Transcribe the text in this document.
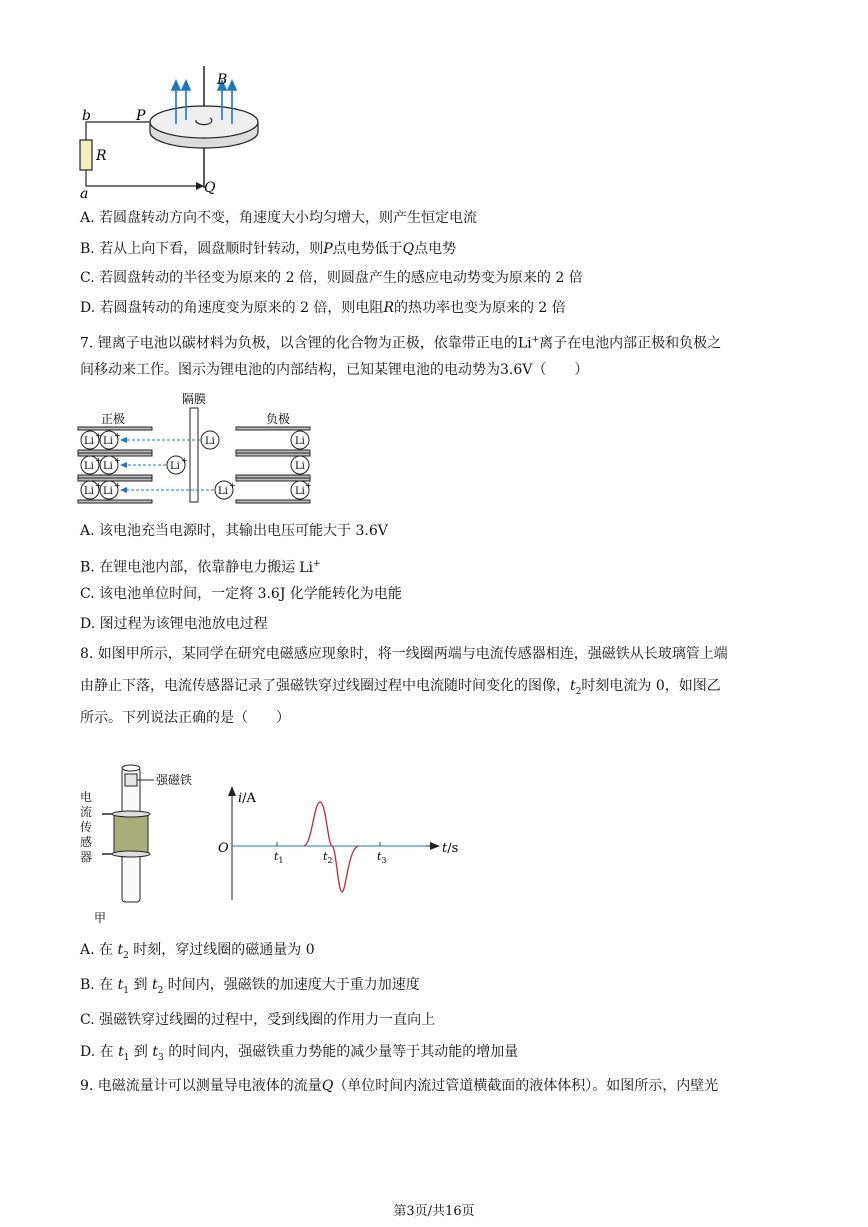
B
P
b
R
a	Q
A. 若圆盘转动方向不变，角速度大小均匀增大，则产生恒定电流
B. 若从上向下看，圆盘顺时针转动，则P点电势低于Q点电势
C. 若圆盘转动的半径变为原来的 2 倍，则圆盘产生的感应电动势变为原来的 2 倍
D. 若圆盘转动的角速度变为原来的 2 倍，则电阻R的热功率也变为原来的 2 倍
7. 锂离子电池以碳材料为负极，以含锂的化合物为正极，依靠带正电的Li+离子在电池内部正极和负极之
间移动来工作。图示为锂电池的内部结构，已知某锂电池的电动势为3.6V（　　）
正极
隔膜
负极
Li Li
Li Li
Li Li
Li
Li
Li
Li
Li
Li
+ +
+ +
+ +
+
+	+
A. 该电池充当电源时，其输出电压可能大于 3.6V
B. 在锂电池内部，依靠静电力搬运 Li+
C. 该电池单位时间，一定将 3.6J 化学能转化为电能
D. 图过程为该锂电池放电过程
8. 如图甲所示，某同学在研究电磁感应现象时，将一线圈两端与电流传感器相连，强磁铁从长玻璃管上端
由静止下落，电流传感器记录了强磁铁穿过线圈过程中电流随时间变化的图像，$t_2$时刻电流为 0，如图乙
所示。下列说法正确的是（　　）
强磁铁
甲
电流传感器
i/A
O	t/s
$t_1$	$t_2$	$t_3$
A. 在 $t_2$ 时刻，穿过线圈的磁通量为 0
B. 在 $t_1$ 到 $t_2$ 时间内，强磁铁的加速度大于重力加速度
C. 强磁铁穿过线圈的过程中，受到线圈的作用力一直向上
D. 在 $t_1$ 到 $t_3$ 的时间内，强磁铁重力势能的减少量等于其动能的增加量
9. 电磁流量计可以测量导电液体的流量Q（单位时间内流过管道横截面的液体体积）。如图所示，内壁光
第3页/共16页
